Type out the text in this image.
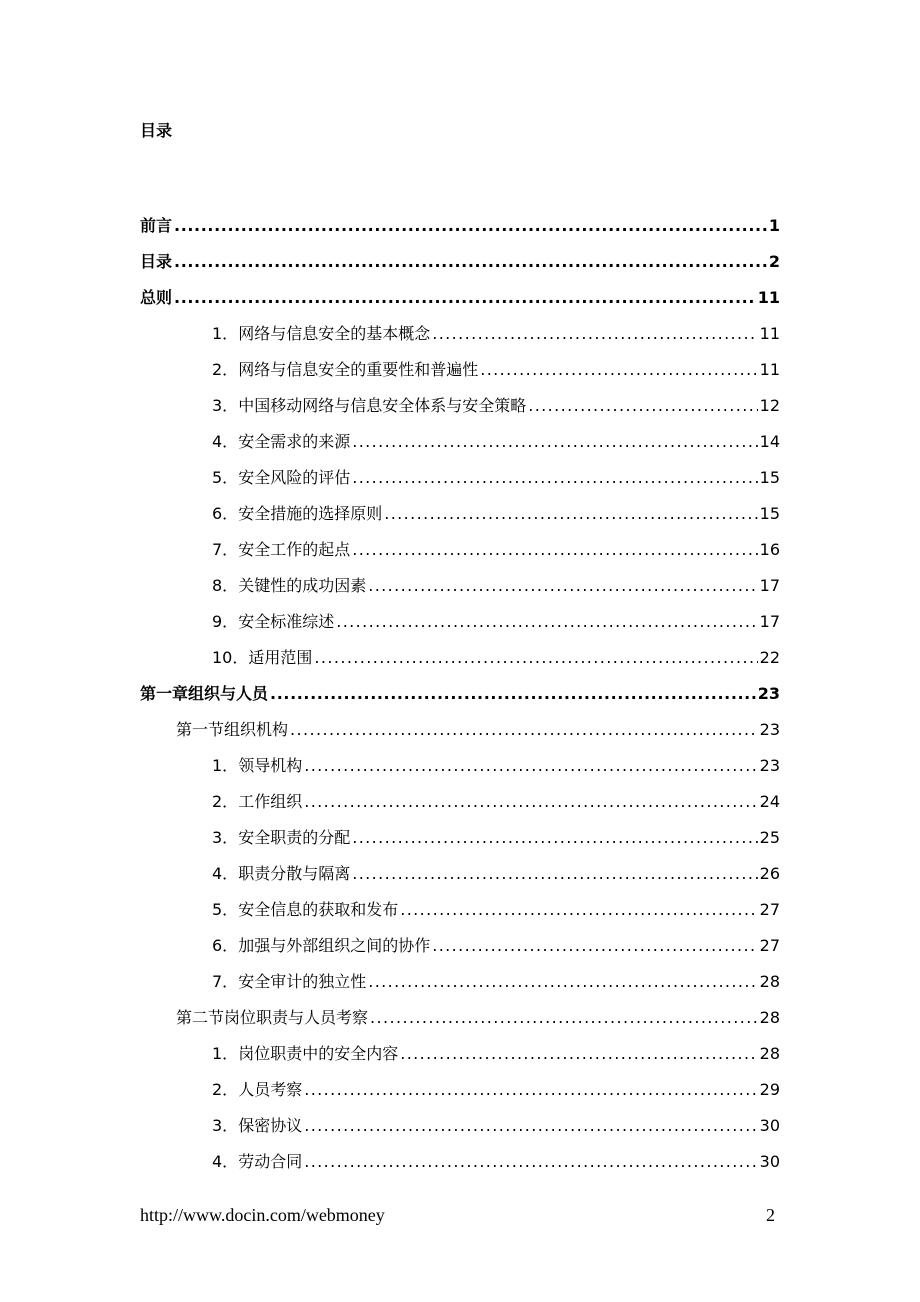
目录
前言 .....	1
目录 .....	2
总则 .....	11
1． 网络与信息安全的基本概念 .....	11
2． 网络与信息安全的重要性和普遍性 .....	11
3． 中国移动网络与信息安全体系与安全策略 .....	12
4． 安全需求的来源 .....	14
5． 安全风险的评估 .....	15
6． 安全措施的选择原则 .....	15
7． 安全工作的起点 .....	16
8． 关键性的成功因素 .....	17
9． 安全标准综述 .....	17
10． 适用范围 .....	22
第一章 组织与人员 .....	23
第一节 组织机构 .....	23
1． 领导机构 .....	23
2． 工作组织 .....	24
3． 安全职责的分配 .....	25
4． 职责分散与隔离 .....	26
5． 安全信息的获取和发布 .....	27
6． 加强与外部组织之间的协作 .....	27
7． 安全审计的独立性 .....	28
第二节 岗位职责与人员考察 .....	28
1． 岗位职责中的安全内容 .....	28
2． 人员考察 .....	29
3． 保密协议 .....	30
4． 劳动合同 .....	30
http://www.docin.com/webmoney	2
